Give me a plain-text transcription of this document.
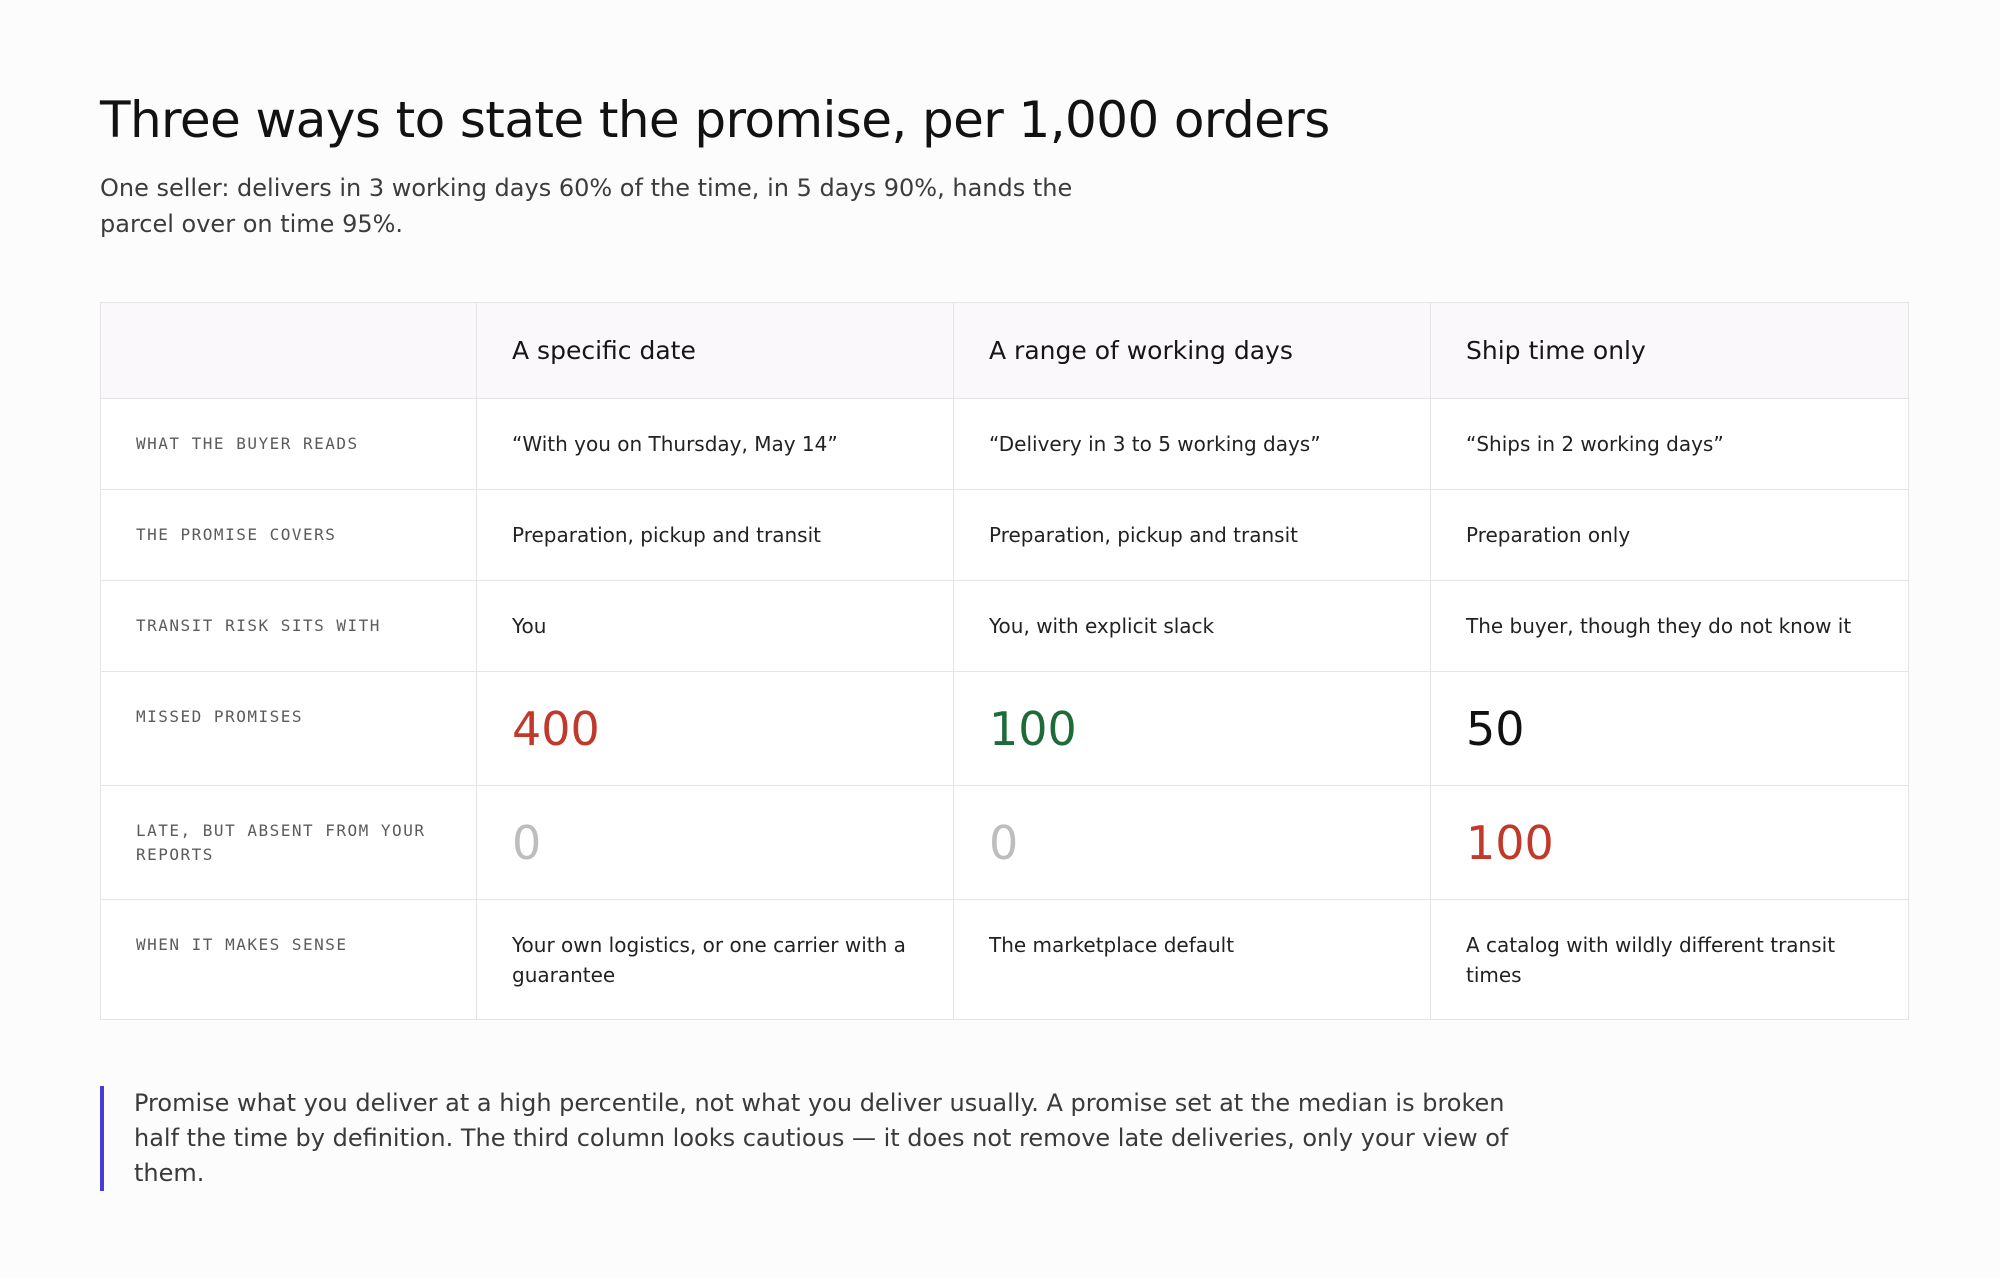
Three ways to state the promise, per 1,000 orders

One seller: delivers in 3 working days 60% of the time, in 5 days 90%, hands the parcel over on time 95%.

	A specific date	A range of working days	Ship time only
WHAT THE BUYER READS	“With you on Thursday, May 14”	“Delivery in 3 to 5 working days”	“Ships in 2 working days”
THE PROMISE COVERS	Preparation, pickup and transit	Preparation, pickup and transit	Preparation only
TRANSIT RISK SITS WITH	You	You, with explicit slack	The buyer, though they do not know it
MISSED PROMISES	400	100	50
LATE, BUT ABSENT FROM YOUR REPORTS	0	0	100
WHEN IT MAKES SENSE	Your own logistics, or one carrier with a guarantee	The marketplace default	A catalog with wildly different transit times
Promise what you deliver at a high percentile, not what you deliver usually. A promise set at the median is broken half the time by definition. The third column looks cautious — it does not remove late deliveries, only your view of them.
